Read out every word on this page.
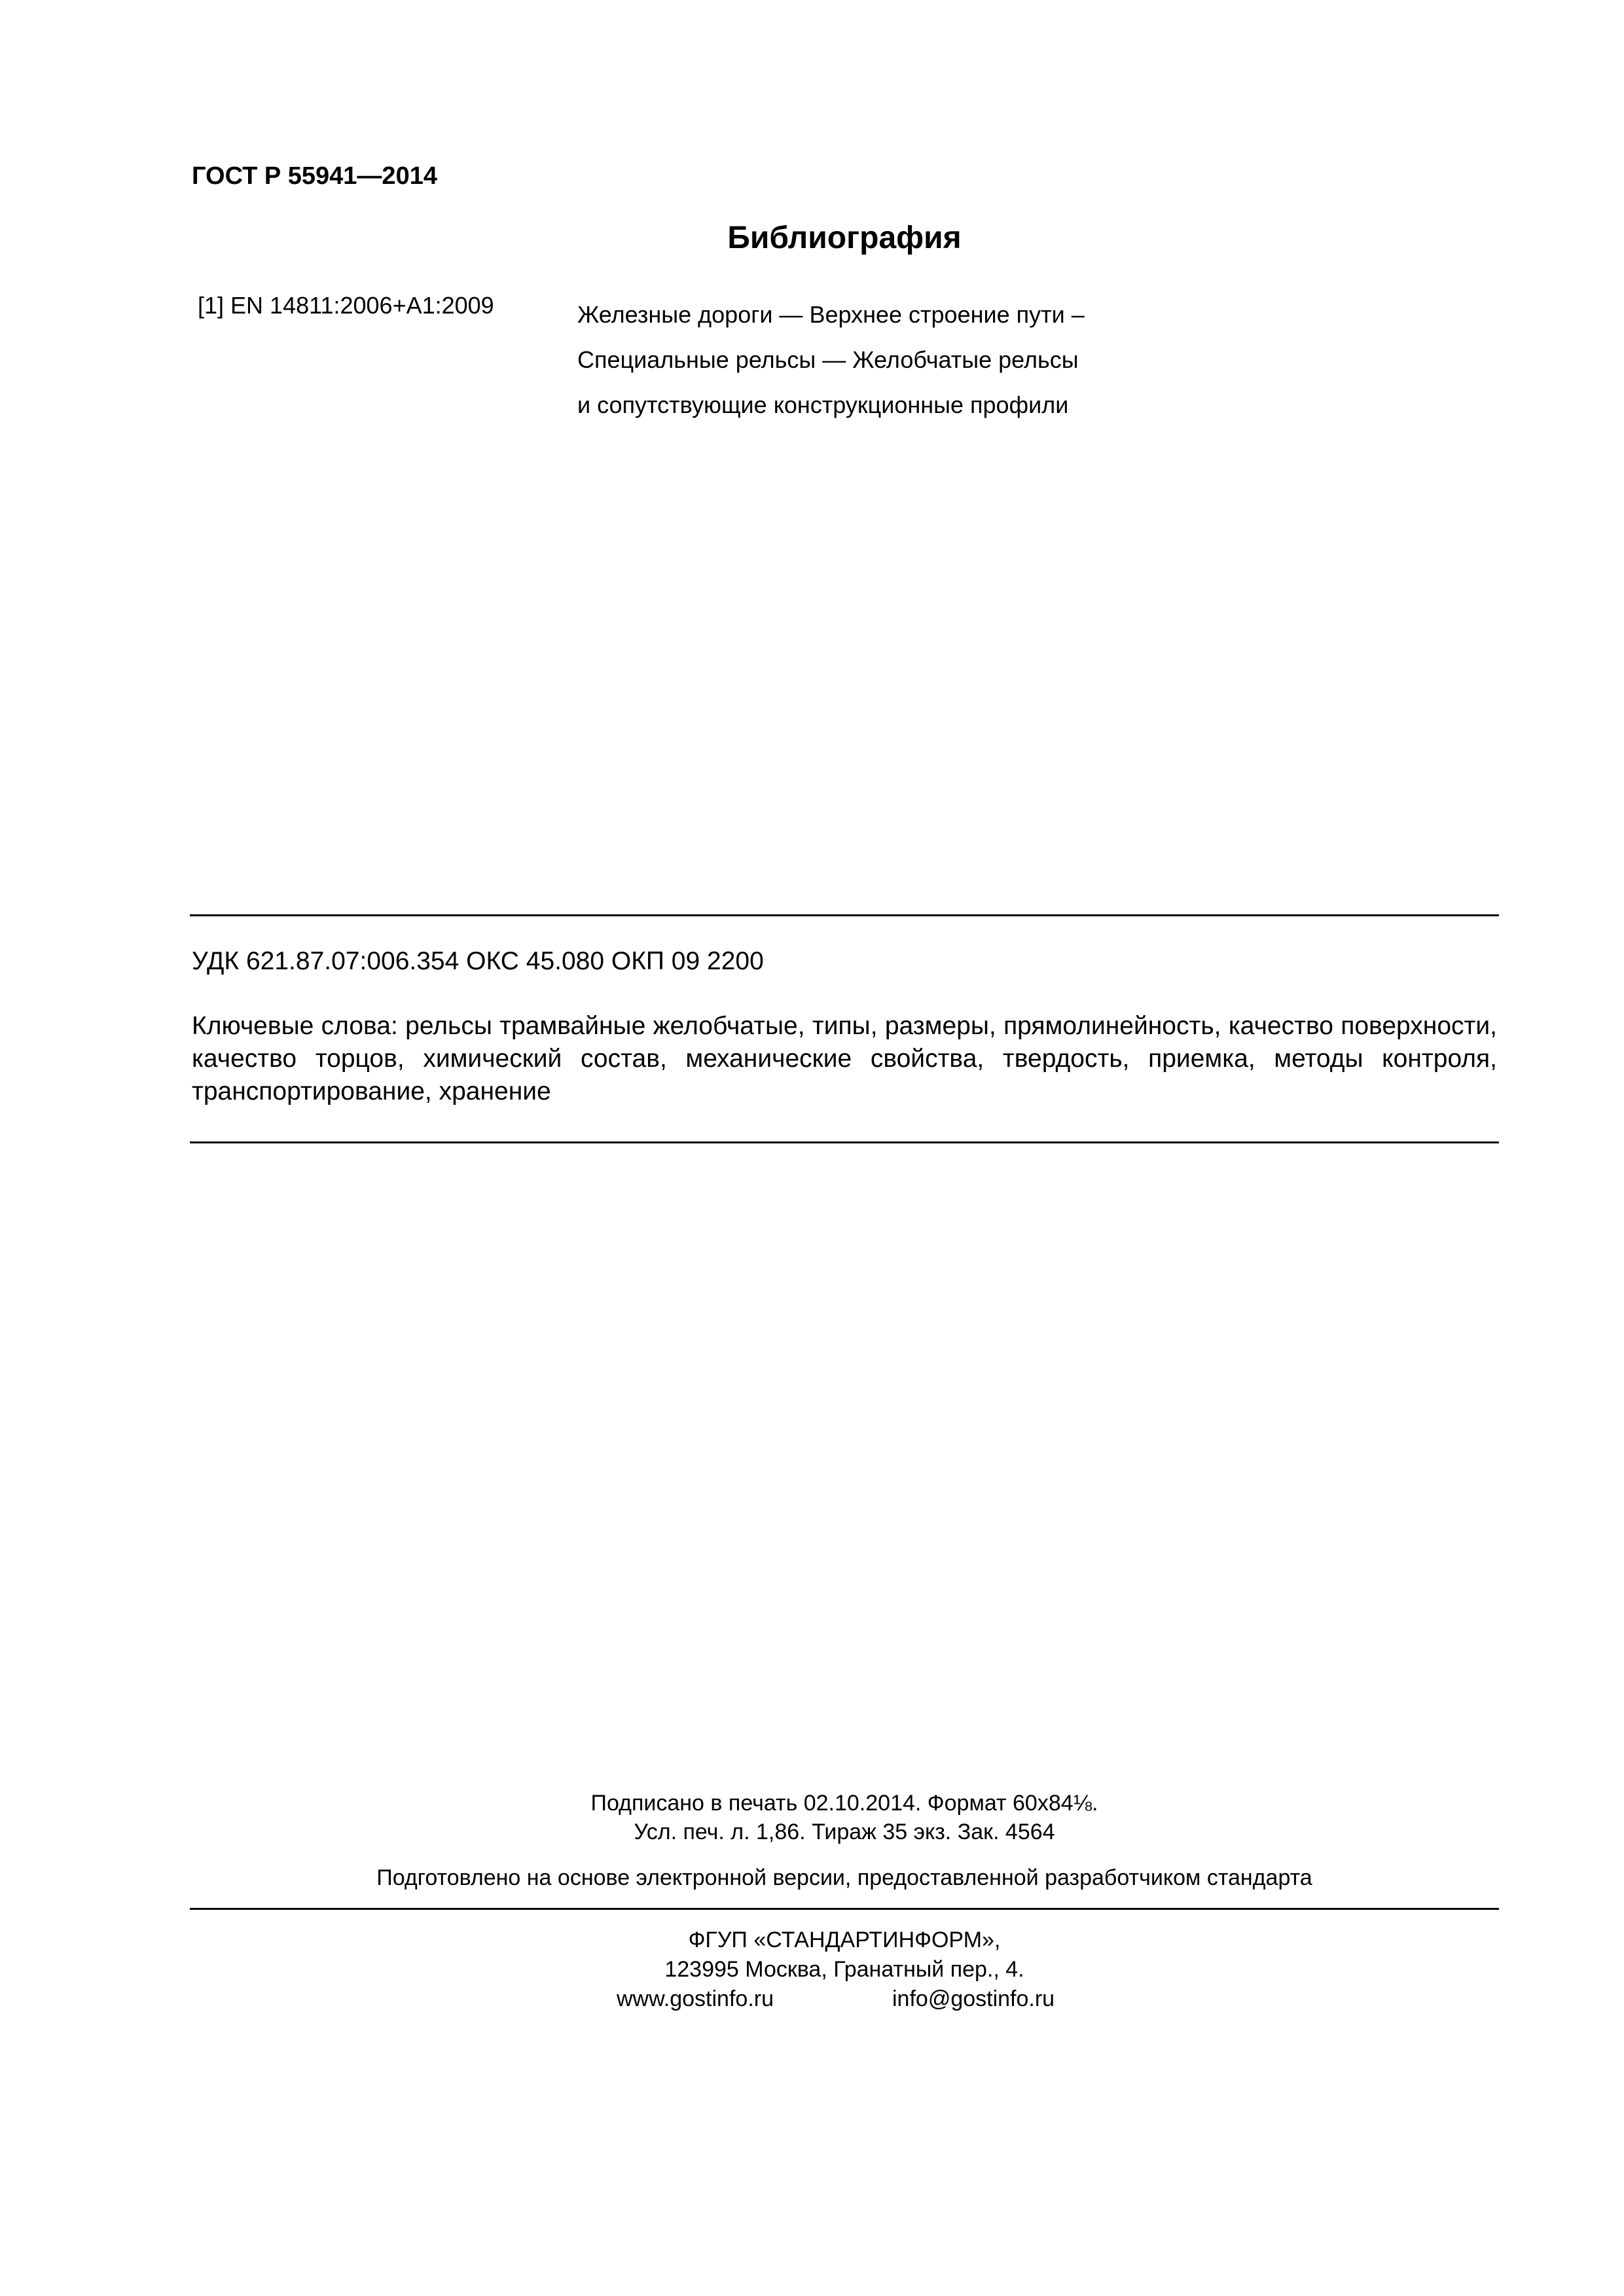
ГОСТ Р 55941—2014
Библиография
[1] EN 14811:2006+A1:2009	Железные дороги — Верхнее строение пути –
Специальные рельсы — Желобчатые рельсы
и сопутствующие конструкционные профили
УДК 621.87.07:006.354 ОКС 45.080 ОКП 09 2200
Ключевые слова: рельсы трамвайные желобчатые, типы, размеры, прямолинейность, качество поверхности, качество торцов, химический состав, механические свойства, твердость, приемка, методы контроля, транспортирование, хранение
Подписано в печать 02.10.2014. Формат 60x84⅛.
Усл. печ. л. 1,86. Тираж 35 экз. Зак. 4564
Подготовлено на основе электронной версии, предоставленной разработчиком стандарта
ФГУП «СТАНДАРТИНФОРМ»,
123995 Москва, Гранатный пер., 4.
www.gostinfo.ru	info@gostinfo.ru
